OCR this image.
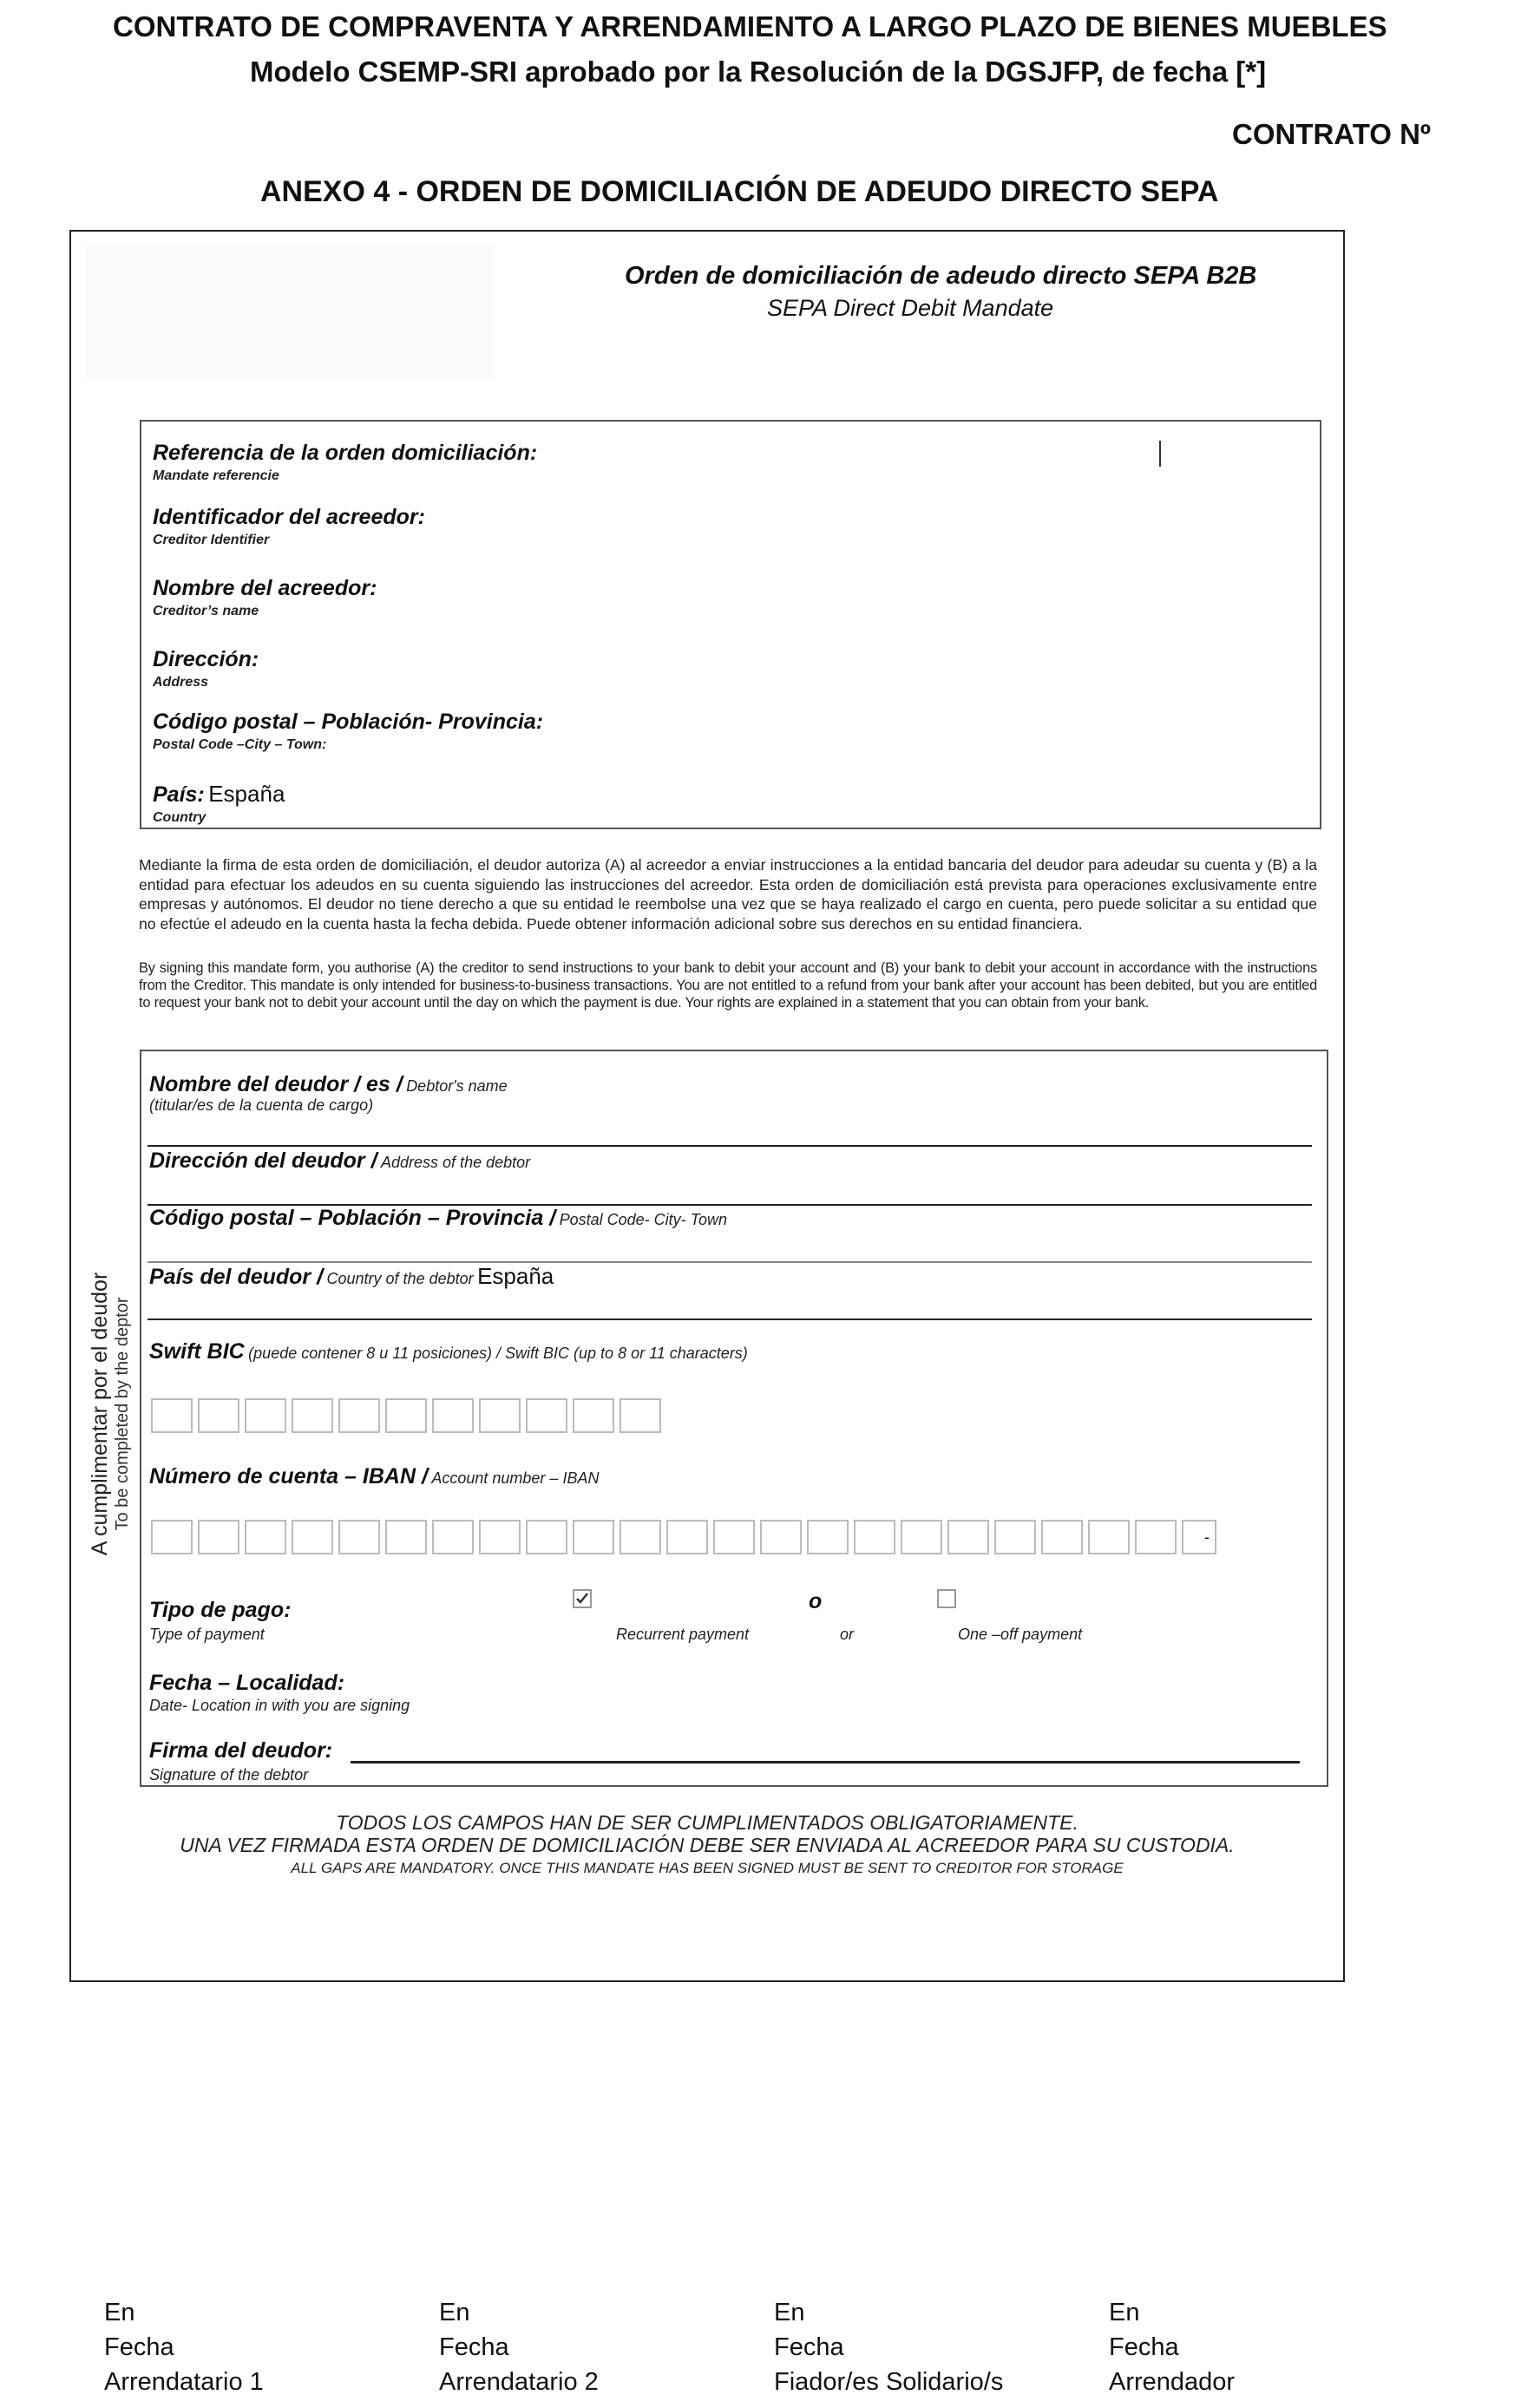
CONTRATO DE COMPRAVENTA Y ARRENDAMIENTO A LARGO PLAZO DE BIENES MUEBLES
Modelo CSEMP-SRI aprobado por la Resolución de la DGSJFP, de fecha [*]
CONTRATO Nº
ANEXO 4 - ORDEN DE DOMICILIACIÓN DE ADEUDO DIRECTO SEPA
Orden de domiciliación de adeudo directo SEPA B2B
SEPA Direct Debit Mandate
Referencia de la orden domiciliación:
Mandate referencie
Identificador del acreedor:
Creditor Identifier
Nombre del acreedor:
Creditor’s name
Dirección:
Address
Código postal – Población- Provincia:
Postal Code –City – Town:
País: España
Country
Mediante la firma de esta orden de domiciliación, el deudor autoriza (A) al acreedor a enviar instrucciones a la entidad bancaria del deudor para adeudar su cuenta y (B) a la entidad para efectuar los adeudos en su cuenta siguiendo las instrucciones del acreedor. Esta orden de domiciliación está prevista para operaciones exclusivamente entre empresas y autónomos. El deudor no tiene derecho a que su entidad le reembolse una vez que se haya realizado el cargo en cuenta, pero puede solicitar a su entidad que no efectúe el adeudo en la cuenta hasta la fecha debida. Puede obtener información adicional sobre sus derechos en su entidad financiera.
By signing this mandate form, you authorise (A) the creditor to send instructions to your bank to debit your account and (B) your bank to debit your account in accordance with the instructions from the Creditor. This mandate is only intended for business-to-business transactions. You are not entitled to a refund from your bank after your account has been debited, but you are entitled to request your bank not to debit your account until the day on which the payment is due. Your rights are explained in a statement that you can obtain from your bank.
A cumplimentar por el deudor To be completed by the deptor
Nombre del deudor / es / Debtor's name
(titular/es de la cuenta de cargo)
Dirección del deudor / Address of the debtor
Código postal – Población – Provincia / Postal Code- City- Town
País del deudor / Country of the debtor España
Swift BIC (puede contener 8 u 11 posiciones) / Swift BIC (up to 8 or 11 characters)
Número de cuenta – IBAN / Account number – IBAN
-
Tipo de pago:
Type of payment	Recurrent payment
o
or	One –off payment
Fecha – Localidad:
Date- Location in with you are signing
Firma del deudor:
Signature of the debtor
TODOS LOS CAMPOS HAN DE SER CUMPLIMENTADOS OBLIGATORIAMENTE.
UNA VEZ FIRMADA ESTA ORDEN DE DOMICILIACIÓN DEBE SER ENVIADA AL ACREEDOR PARA SU CUSTODIA.
ALL GAPS ARE MANDATORY. ONCE THIS MANDATE HAS BEEN SIGNED MUST BE SENT TO CREDITOR FOR STORAGE
En
Fecha
Arrendatario 1
En
Fecha
Arrendatario 2
En
Fecha
Fiador/es Solidario/s
En
Fecha
Arrendador
